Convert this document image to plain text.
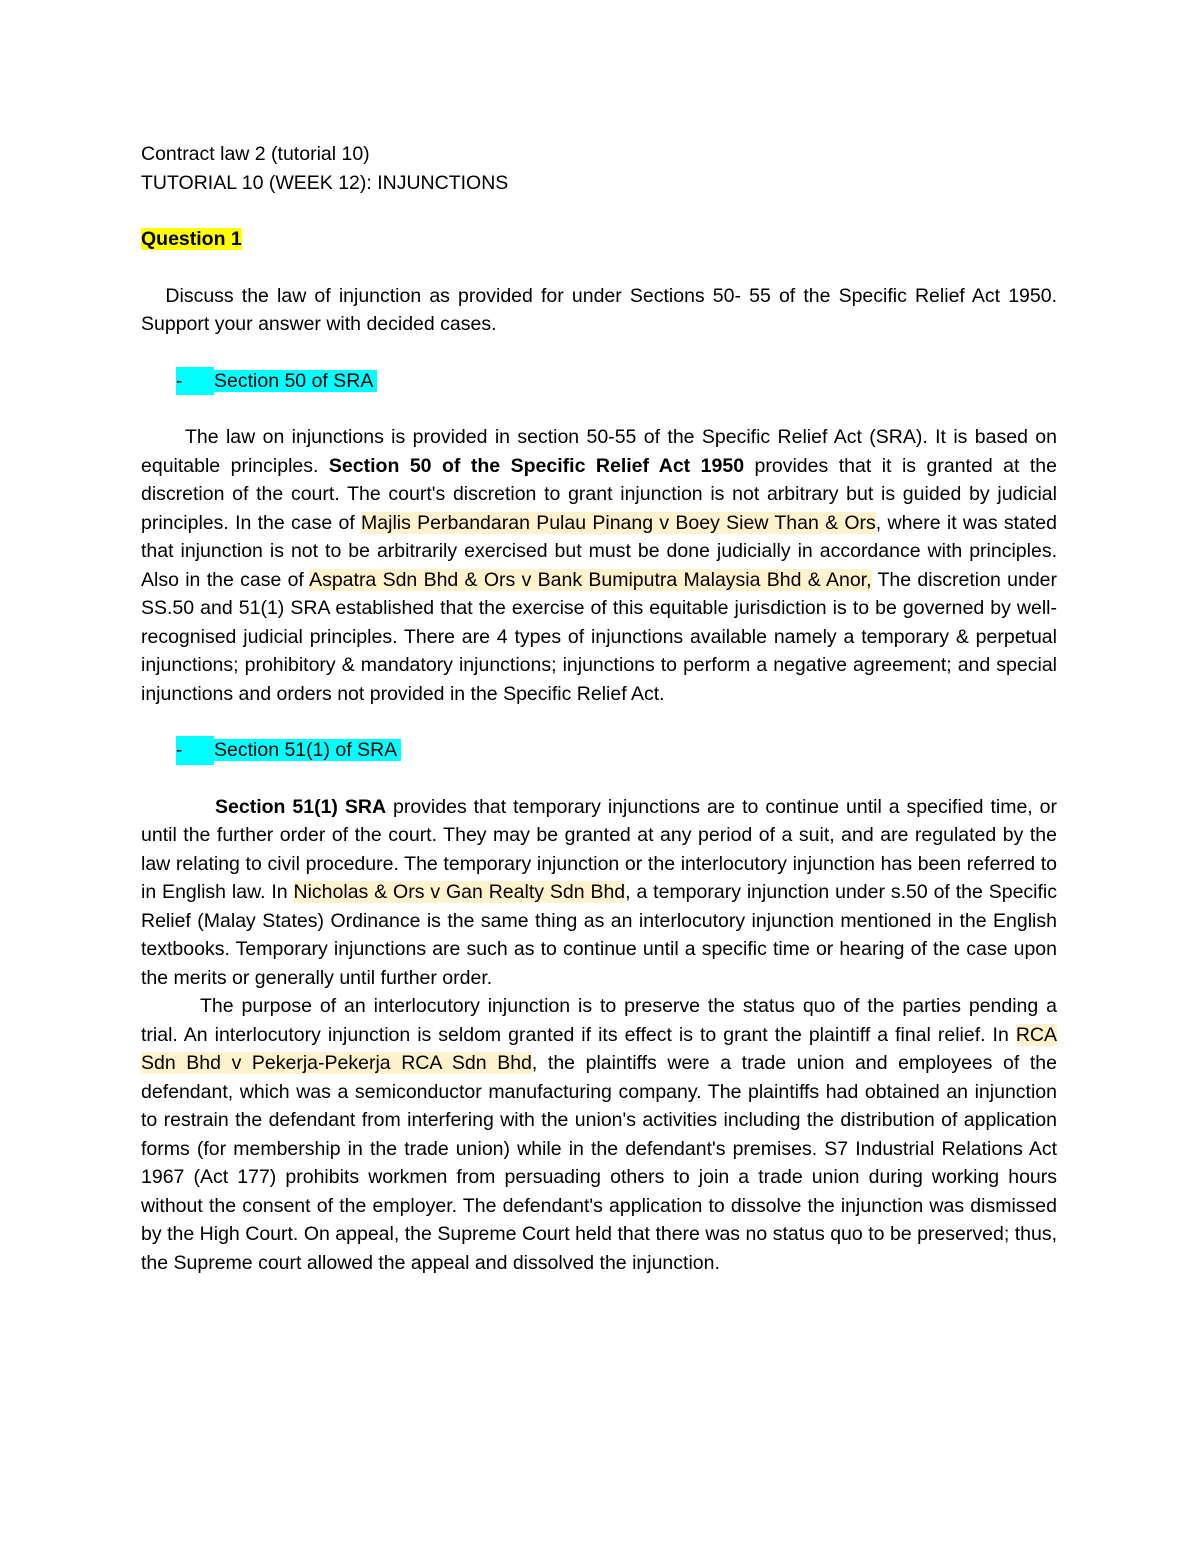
Contract law 2 (tutorial 10)

TUTORIAL 10 (WEEK 12): INJUNCTIONS

Question 1

Discuss the law of injunction as provided for under Sections 50- 55 of the Specific Relief Act 1950. Support your answer with decided cases.

- Section 50 of SRA

The law on injunctions is provided in section 50-55 of the Specific Relief Act (SRA). It is based on equitable principles. Section 50 of the Specific Relief Act 1950 provides that it is granted at the discretion of the court. The court's discretion to grant injunction is not arbitrary but is guided by judicial principles. In the case of Majlis Perbandaran Pulau Pinang v Boey Siew Than & Ors, where it was stated that injunction is not to be arbitrarily exercised but must be done judicially in accordance with principles. Also in the case of Aspatra Sdn Bhd & Ors v Bank Bumiputra Malaysia Bhd & Anor, The discretion under SS.50 and 51(1) SRA established that the exercise of this equitable jurisdiction is to be governed by well-recognised judicial principles. There are 4 types of injunctions available namely a temporary & perpetual injunctions; prohibitory & mandatory injunctions; injunctions to perform a negative agreement; and special injunctions and orders not provided in the Specific Relief Act.

- Section 51(1) of SRA

Section 51(1) SRA provides that temporary injunctions are to continue until a specified time, or until the further order of the court. They may be granted at any period of a suit, and are regulated by the law relating to civil procedure. The temporary injunction or the interlocutory injunction has been referred to in English law. In Nicholas & Ors v Gan Realty Sdn Bhd, a temporary injunction under s.50 of the Specific Relief (Malay States) Ordinance is the same thing as an interlocutory injunction mentioned in the English textbooks. Temporary injunctions are such as to continue until a specific time or hearing of the case upon the merits or generally until further order.

The purpose of an interlocutory injunction is to preserve the status quo of the parties pending a trial. An interlocutory injunction is seldom granted if its effect is to grant the plaintiff a final relief. In RCA Sdn Bhd v Pekerja-Pekerja RCA Sdn Bhd, the plaintiffs were a trade union and employees of the defendant, which was a semiconductor manufacturing company. The plaintiffs had obtained an injunction to restrain the defendant from interfering with the union's activities including the distribution of application forms (for membership in the trade union) while in the defendant's premises. S7 Industrial Relations Act 1967 (Act 177) prohibits workmen from persuading others to join a trade union during working hours without the consent of the employer. The defendant's application to dissolve the injunction was dismissed by the High Court. On appeal, the Supreme Court held that there was no status quo to be preserved; thus, the Supreme court allowed the appeal and dissolved the injunction.
